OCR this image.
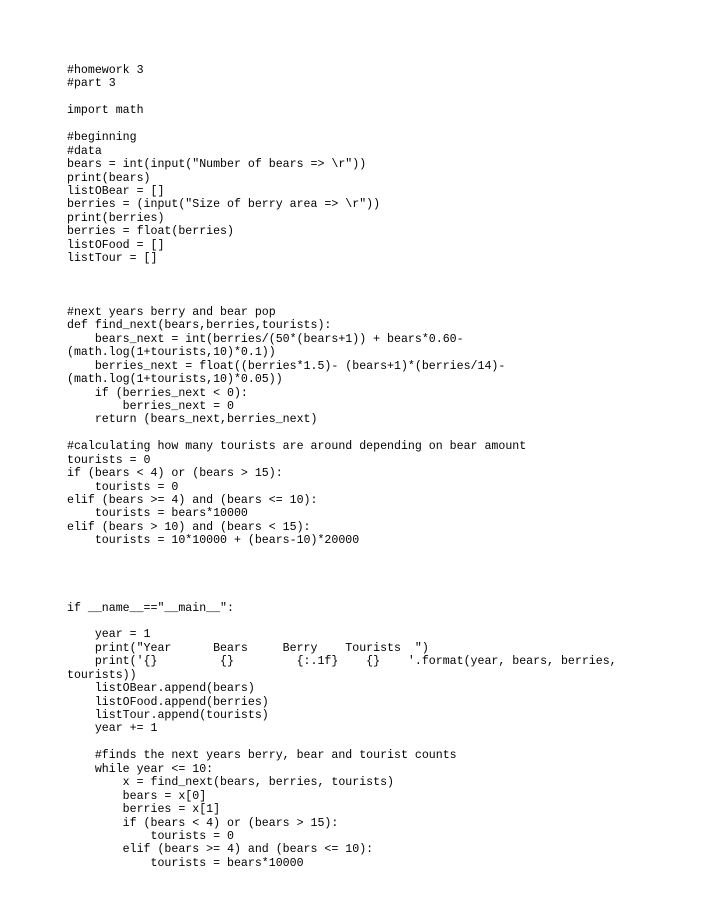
#homework 3
#part 3
import math
#beginning
#data
bears = int(input("Number of bears => \r"))
print(bears)
listOBear = []
berries = (input("Size of berry area => \r"))
print(berries)
berries = float(berries)
listOFood = []
listTour = []
#next years berry and bear pop
def find_next(bears,berries,tourists):
bears_next = int(berries/(50*(bears+1)) + bears*0.60-
(math.log(1+tourists,10)*0.1))
berries_next = float((berries*1.5)- (bears+1)*(berries/14)-
(math.log(1+tourists,10)*0.05))
if (berries_next < 0):
berries_next = 0
return (bears_next,berries_next)
#calculating how many tourists are around depending on bear amount
tourists = 0
if (bears < 4) or (bears > 15):
tourists = 0
elif (bears >= 4) and (bears <= 10):
tourists = bears*10000
elif (bears > 10) and (bears < 15):
tourists = 10*10000 + (bears-10)*20000
if __name__=="__main__":
year = 1
print("Year      Bears     Berry    Tourists  ")
print('{}         {}         {:.1f}    {}    '.format(year, bears, berries,
tourists))
listOBear.append(bears)
listOFood.append(berries)
listTour.append(tourists)
year += 1
#finds the next years berry, bear and tourist counts
while year <= 10:
x = find_next(bears, berries, tourists)
bears = x[0]
berries = x[1]
if (bears < 4) or (bears > 15):
tourists = 0
elif (bears >= 4) and (bears <= 10):
tourists = bears*10000
